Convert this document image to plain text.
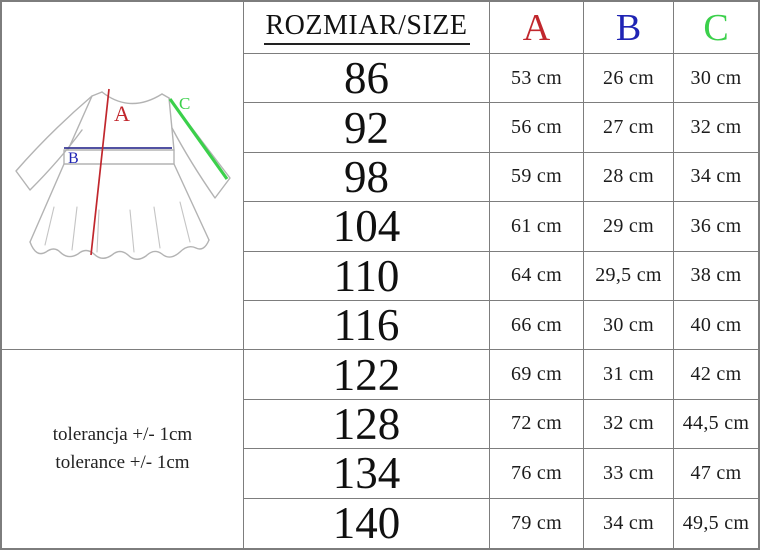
A
B
C
tolerancja +/- 1cm
tolerance +/- 1cm
ROZMIAR/SIZE	A	B	C
86	53 cm	26 cm	30 cm
92	56 cm	27 cm	32 cm
98	59 cm	28 cm	34 cm
104	61 cm	29 cm	36 cm
110	64 cm	29,5 cm	38 cm
116	66 cm	30 cm	40 cm
122	69 cm	31 cm	42 cm
128	72 cm	32 cm	44,5 cm
134	76 cm	33 cm	47 cm
140	79 cm	34 cm	49,5 cm
